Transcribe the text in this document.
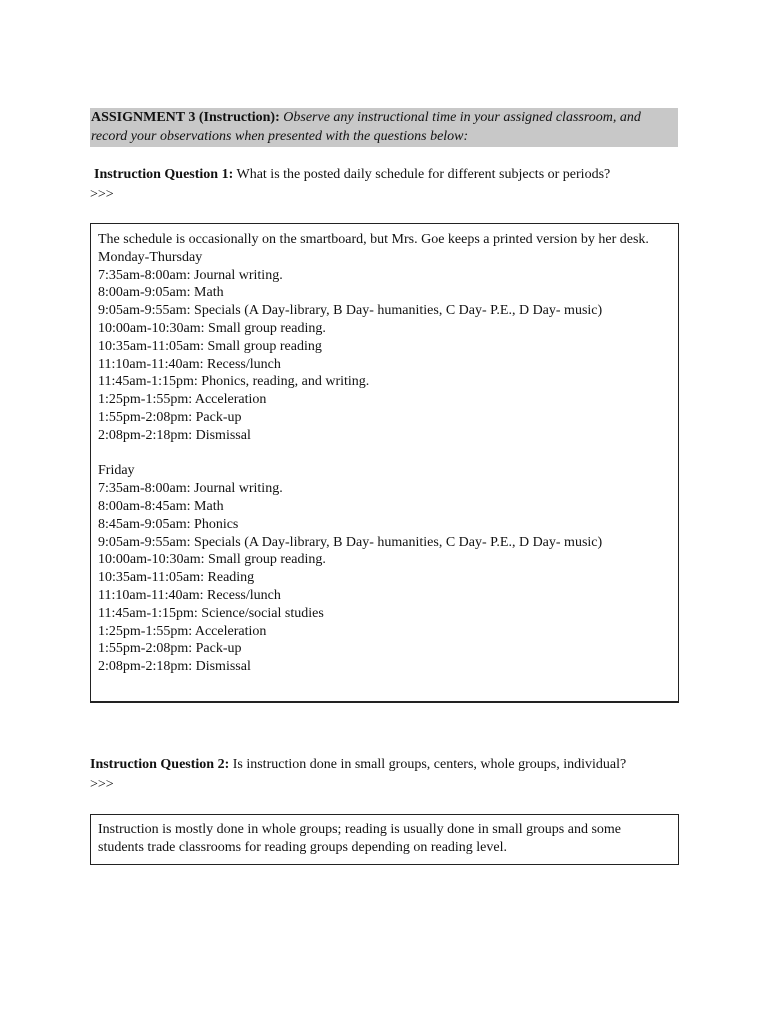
ASSIGNMENT 3 (Instruction): Observe any instructional time in your assigned classroom, and record your observations when presented with the questions below:
Instruction Question 1: What is the posted daily schedule for different subjects or periods?
>>>
The schedule is occasionally on the smartboard, but Mrs. Goe keeps a printed version by her desk.
Monday-Thursday
7:35am-8:00am: Journal writing.
8:00am-9:05am: Math
9:05am-9:55am: Specials (A Day-library, B Day- humanities, C Day- P.E., D Day- music)
10:00am-10:30am: Small group reading.
10:35am-11:05am: Small group reading
11:10am-11:40am: Recess/lunch
11:45am-1:15pm: Phonics, reading, and writing.
1:25pm-1:55pm: Acceleration
1:55pm-2:08pm: Pack-up
2:08pm-2:18pm: Dismissal
Friday
7:35am-8:00am: Journal writing.
8:00am-8:45am: Math
8:45am-9:05am: Phonics
9:05am-9:55am: Specials (A Day-library, B Day- humanities, C Day- P.E., D Day- music)
10:00am-10:30am: Small group reading.
10:35am-11:05am: Reading
11:10am-11:40am: Recess/lunch
11:45am-1:15pm: Science/social studies
1:25pm-1:55pm: Acceleration
1:55pm-2:08pm: Pack-up
2:08pm-2:18pm: Dismissal
Instruction Question 2: Is instruction done in small groups, centers, whole groups, individual?
>>>
Instruction is mostly done in whole groups; reading is usually done in small groups and some students trade classrooms for reading groups depending on reading level.
